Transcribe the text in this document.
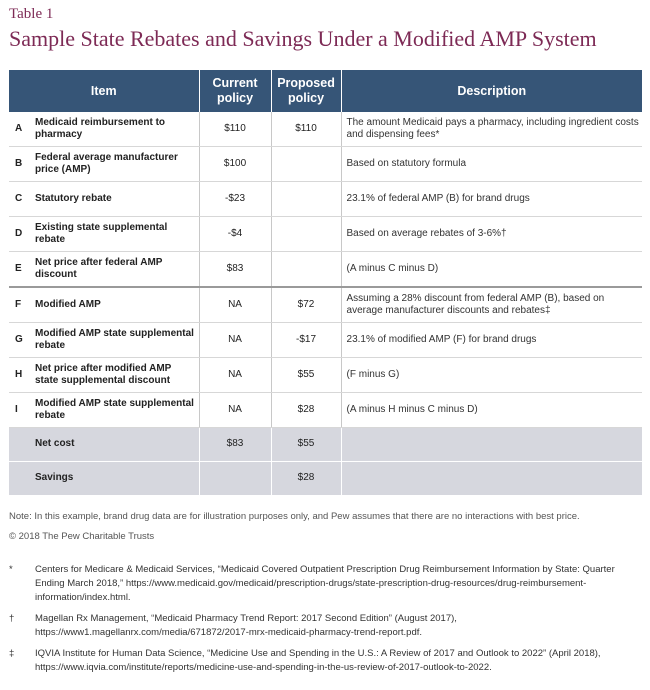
Table 1
Sample State Rebates and Savings Under a Modified AMP System
Item		Current policy	Proposed policy	Description
A	Medicaid reimbursement to pharmacy	$110	$110	The amount Medicaid pays a pharmacy, including ingredient costs and dispensing fees*
B	Federal average manufacturer price (AMP)	$100		Based on statutory formula
C	Statutory rebate	-$23		23.1% of federal AMP (B) for brand drugs
D	Existing state supplemental rebate	-$4		Based on average rebates of 3-6%†
E	Net price after federal AMP discount	$83		(A minus C minus D)
F	Modified AMP	NA	$72	Assuming a 28% discount from federal AMP (B), based on average manufacturer discounts and rebates‡
G	Modified AMP state supplemental rebate	NA	-$17	23.1% of modified AMP (F) for brand drugs
H	Net price after modified AMP state supplemental discount	NA	$55	(F minus G)
I	Modified AMP state supplemental rebate	NA	$28	(A minus H minus C minus D)
	Net cost	$83	$55	
	Savings		$28	
Note: In this example, brand drug data are for illustration purposes only, and Pew assumes that there are no interactions with best price.
© 2018 The Pew Charitable Trusts
*	Centers for Medicare & Medicaid Services, “Medicaid Covered Outpatient Prescription Drug Reimbursement Information by State: Quarter Ending March 2018,” https://www.medicaid.gov/medicaid/prescription-drugs/state-prescription-drug-resources/drug-reimbursement-information/index.html.
†	Magellan Rx Management, “Medicaid Pharmacy Trend Report: 2017 Second Edition” (August 2017), https://www1.magellanrx.com/media/671872/2017-mrx-medicaid-pharmacy-trend-report.pdf.
‡	IQVIA Institute for Human Data Science, “Medicine Use and Spending in the U.S.: A Review of 2017 and Outlook to 2022” (April 2018), https://www.iqvia.com/institute/reports/medicine-use-and-spending-in-the-us-review-of-2017-outlook-to-2022.
